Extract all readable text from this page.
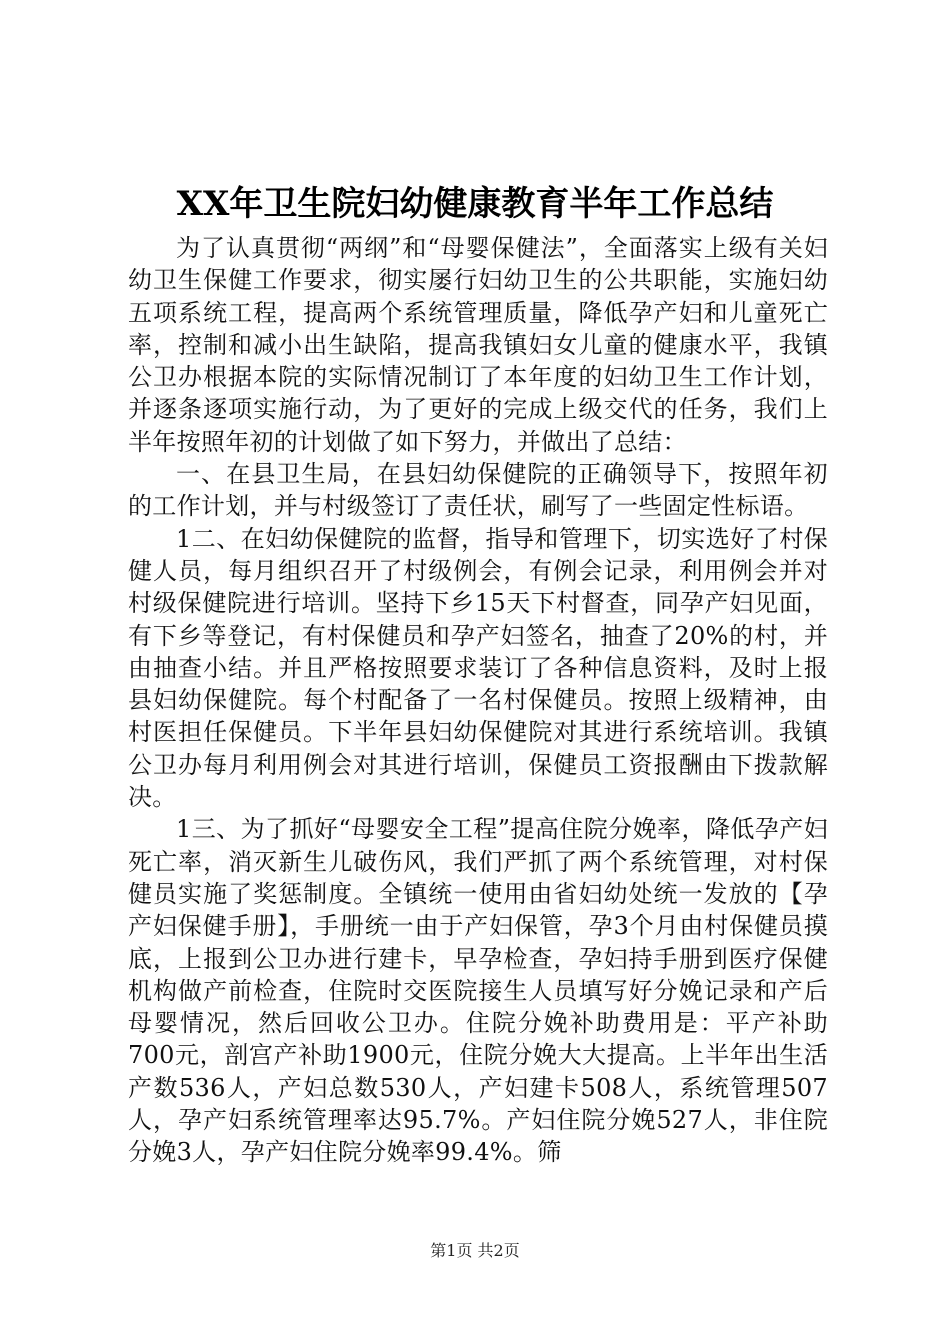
XX年卫生院妇幼健康教育半年工作总结

为了认真贯彻“两纲”和“母婴保健法”，全面落实上级有关妇幼卫生保健工作要求，彻实屡行妇幼卫生的公共职能，实施妇幼五项系统工程，提高两个系统管理质量，降低孕产妇和儿童死亡率，控制和减小出生缺陷，提高我镇妇女儿童的健康水平，我镇公卫办根据本院的实际情况制订了本年度的妇幼卫生工作计划，并逐条逐项实施行动，为了更好的完成上级交代的任务，我们上半年按照年初的计划做了如下努力，并做出了总结：

一、在县卫生局，在县妇幼保健院的正确领导下，按照年初的工作计划，并与村级签订了责任状，刷写了一些固定性标语。

1二、在妇幼保健院的监督，指导和管理下，切实选好了村保健人员，每月组织召开了村级例会，有例会记录，利用例会并对村级保健院进行培训。坚持下乡15天下村督查，同孕产妇见面，有下乡等登记，有村保健员和孕产妇签名，抽查了20%的村，并由抽查小结。并且严格按照要求装订了各种信息资料，及时上报县妇幼保健院。每个村配备了一名村保健员。按照上级精神，由村医担任保健员。下半年县妇幼保健院对其进行系统培训。我镇公卫办每月利用例会对其进行培训，保健员工资报酬由下拨款解决。

1三、为了抓好“母婴安全工程”提高住院分娩率，降低孕产妇死亡率，消灭新生儿破伤风，我们严抓了两个系统管理，对村保健员实施了奖惩制度。全镇统一使用由省妇幼处统一发放的【孕产妇保健手册】，手册统一由于产妇保管，孕3个月由村保健员摸底，上报到公卫办进行建卡，早孕检查，孕妇持手册到医疗保健机构做产前检查，住院时交医院接生人员填写好分娩记录和产后母婴情况，然后回收公卫办。住院分娩补助费用是：平产补助700元，剖宫产补助1900元，住院分娩大大提高。上半年出生活产数536人，产妇总数530人，产妇建卡508人，系统管理507人，孕产妇系统管理率达95.7%。产妇住院分娩527人，非住院分娩3人，孕产妇住院分娩率99.4%。筛

第1页 共2页
